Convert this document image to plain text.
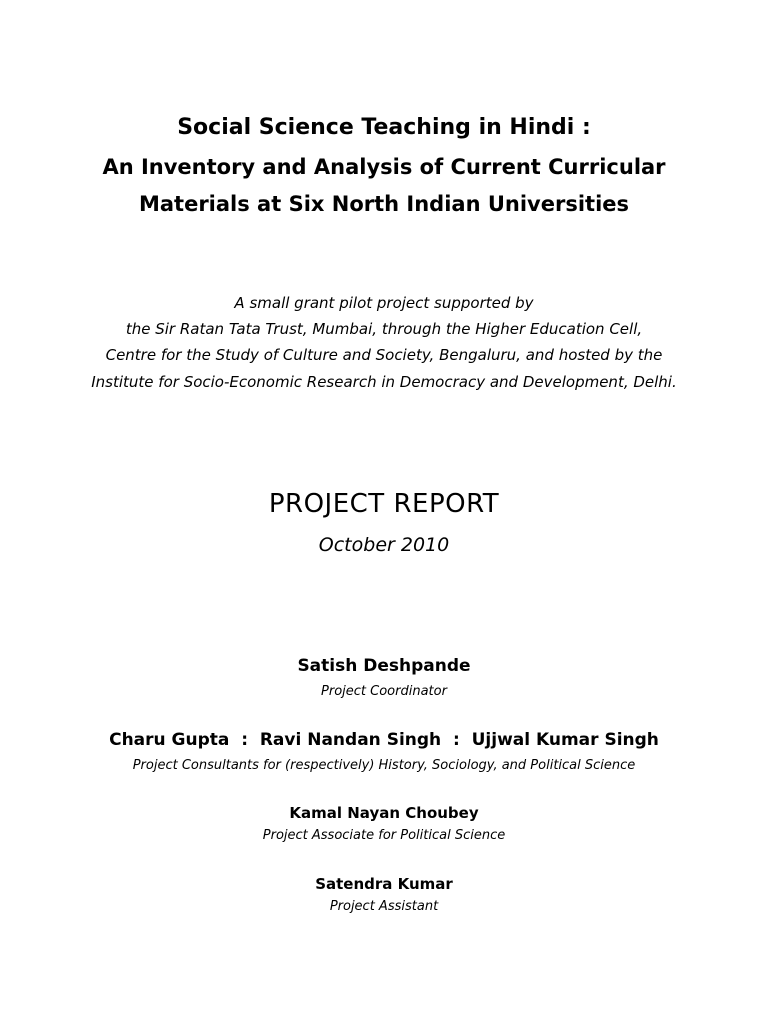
Social Science Teaching in Hindi :
An Inventory and Analysis of Current Curricular
Materials at Six North Indian Universities
A small grant pilot project supported by
the Sir Ratan Tata Trust, Mumbai, through the Higher Education Cell,
Centre for the Study of Culture and Society, Bengaluru, and hosted by the
Institute for Socio-Economic Research in Democracy and Development, Delhi.
PROJECT REPORT
October 2010
Satish Deshpande
Project Coordinator
Charu Gupta  :  Ravi Nandan Singh  :  Ujjwal Kumar Singh
Project Consultants for (respectively) History, Sociology, and Political Science
Kamal Nayan Choubey
Project Associate for Political Science
Satendra Kumar
Project Assistant
